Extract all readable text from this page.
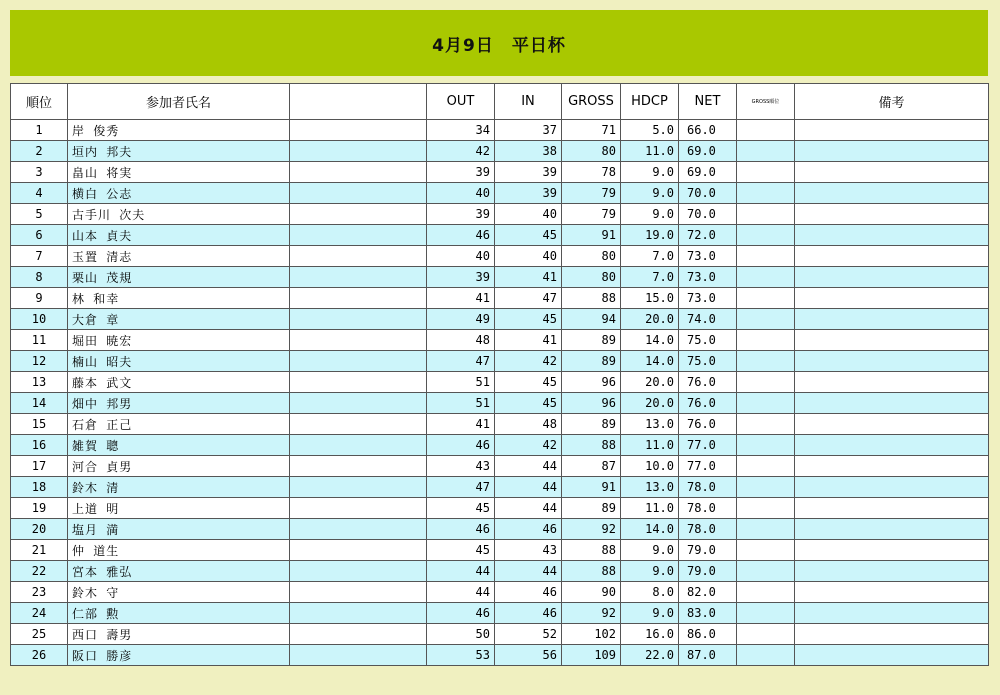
4月9日　平日杯
順位	参加者氏名		OUT	IN	GROSS	HDCP	NET	GROSS順位	備考
1	岸 俊秀		34	37	71	5.0	66.0		
2	垣内 邦夫		42	38	80	11.0	69.0		
3	畠山 将実		39	39	78	9.0	69.0		
4	横白 公志		40	39	79	9.0	70.0		
5	古手川 次夫		39	40	79	9.0	70.0		
6	山本 貞夫		46	45	91	19.0	72.0		
7	玉置 清志		40	40	80	7.0	73.0		
8	栗山 茂規		39	41	80	7.0	73.0		
9	林 和幸		41	47	88	15.0	73.0		
10	大倉 章		49	45	94	20.0	74.0		
11	堀田 暁宏		48	41	89	14.0	75.0		
12	楠山 昭夫		47	42	89	14.0	75.0		
13	藤本 武文		51	45	96	20.0	76.0		
14	畑中 邦男		51	45	96	20.0	76.0		
15	石倉 正己		41	48	89	13.0	76.0		
16	雑賀 聰		46	42	88	11.0	77.0		
17	河合 貞男		43	44	87	10.0	77.0		
18	鈴木 清		47	44	91	13.0	78.0		
19	上道 明		45	44	89	11.0	78.0		
20	塩月 満		46	46	92	14.0	78.0		
21	仲 道生		45	43	88	9.0	79.0		
22	宮本 雅弘		44	44	88	9.0	79.0		
23	鈴木 守		44	46	90	8.0	82.0		
24	仁部 勲		46	46	92	9.0	83.0		
25	西口 壽男		50	52	102	16.0	86.0		
26	阪口 勝彦		53	56	109	22.0	87.0		
